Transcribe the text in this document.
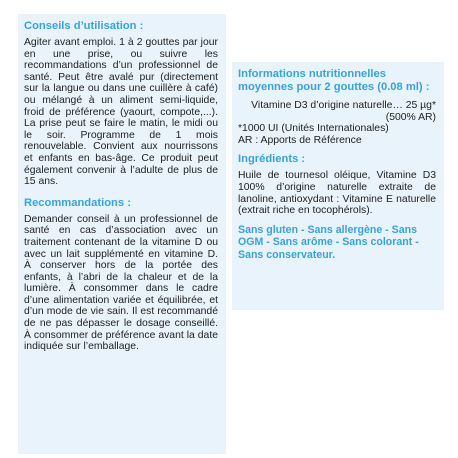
Conseils d’utilisation :

Agiter avant emploi. 1 à 2 gouttes par jour en une prise, ou suivre les recommandations d’un professionnel de santé. Peut être avalé pur (directement sur la langue ou dans une cuillère à café) ou mélangé à un aliment semi-liquide, froid de préférence (yaourt, compote,...). La prise peut se faire le matin, le midi ou le soir. Programme de 1 mois renouvelable. Convient aux nourrissons et enfants en bas-âge. Ce produit peut également convenir à l’adulte de plus de 15 ans.

Recommandations :

Demander conseil à un professionnel de santé en cas d’association avec un traitement contenant de la vitamine D ou avec un lait supplémenté en vitamine D. À conserver hors de la portée des enfants, à l’abri de la chaleur et de la lumière. À consommer dans le cadre d’une alimentation variée et équilibrée, et d’un mode de vie sain. Il est recommandé de ne pas dépasser le dosage conseillé. À consommer de préférence avant la date indiquée sur l’emballage.

Informations nutritionnelles moyennes pour 2 gouttes (0.08 ml) :

Vitamine D3 d’origine naturelle… 25 µg*

(500% AR)

*1000 UI (Unités Internationales)

AR : Apports de Référence

Ingrédients :

Huile de tournesol oléique, Vitamine D3 100% d’origine naturelle extraite de lanoline, antioxydant : Vitamine E naturelle (extrait riche en tocophérols).

Sans gluten - Sans allergène - Sans OGM - Sans arôme - Sans colorant - Sans conservateur.
